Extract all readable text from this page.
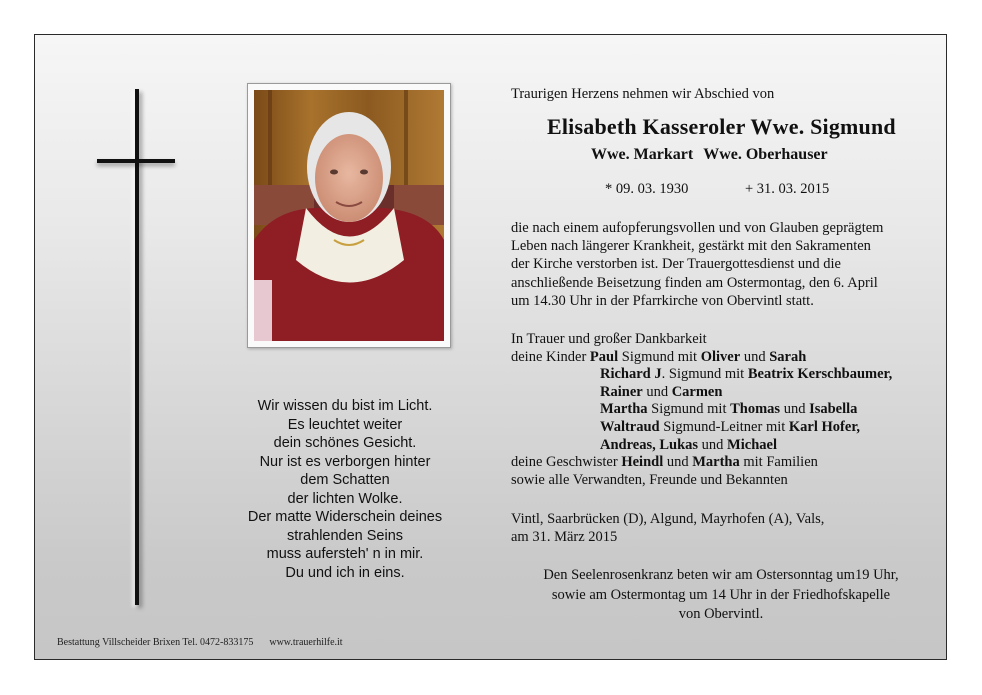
Wir wissen du bist im Licht.
Es leuchtet weiter
dein schönes Gesicht.
Nur ist es verborgen hinter
dem Schatten
der lichten Wolke.
Der matte Widerschein deines
strahlenden Seins
muss aufersteh' n in mir.
Du und ich in eins.
Bestattung Villscheider Brixen Tel. 0472-833175 www.trauerhilfe.it
Traurigen Herzens nehmen wir Abschied von
Elisabeth Kasseroler Wwe. Sigmund
Wwe. Markart Wwe. Oberhauser
* 09. 03. 1930	+ 31. 03. 2015
die nach einem aufopferungsvollen und von Glauben geprägtem
Leben nach längerer Krankheit, gestärkt mit den Sakramenten
der Kirche verstorben ist. Der Trauergottesdienst und die
anschließende Beisetzung finden am Ostermontag, den 6. April
um 14.30 Uhr in der Pfarrkirche von Obervintl statt.
In Trauer und großer Dankbarkeit
deine Kinder Paul Sigmund mit Oliver und Sarah
Richard J. Sigmund mit Beatrix Kerschbaumer,
Rainer und Carmen
Martha Sigmund mit Thomas und Isabella
Waltraud Sigmund-Leitner mit Karl Hofer,
Andreas, Lukas und Michael
deine Geschwister Heindl und Martha mit Familien
sowie alle Verwandten, Freunde und Bekannten
Vintl, Saarbrücken (D), Algund, Mayrhofen (A), Vals,
am 31. März 2015
Den Seelenrosenkranz beten wir am Ostersonntag um19 Uhr,
sowie am Ostermontag um 14 Uhr in der Friedhofskapelle
von Obervintl.
